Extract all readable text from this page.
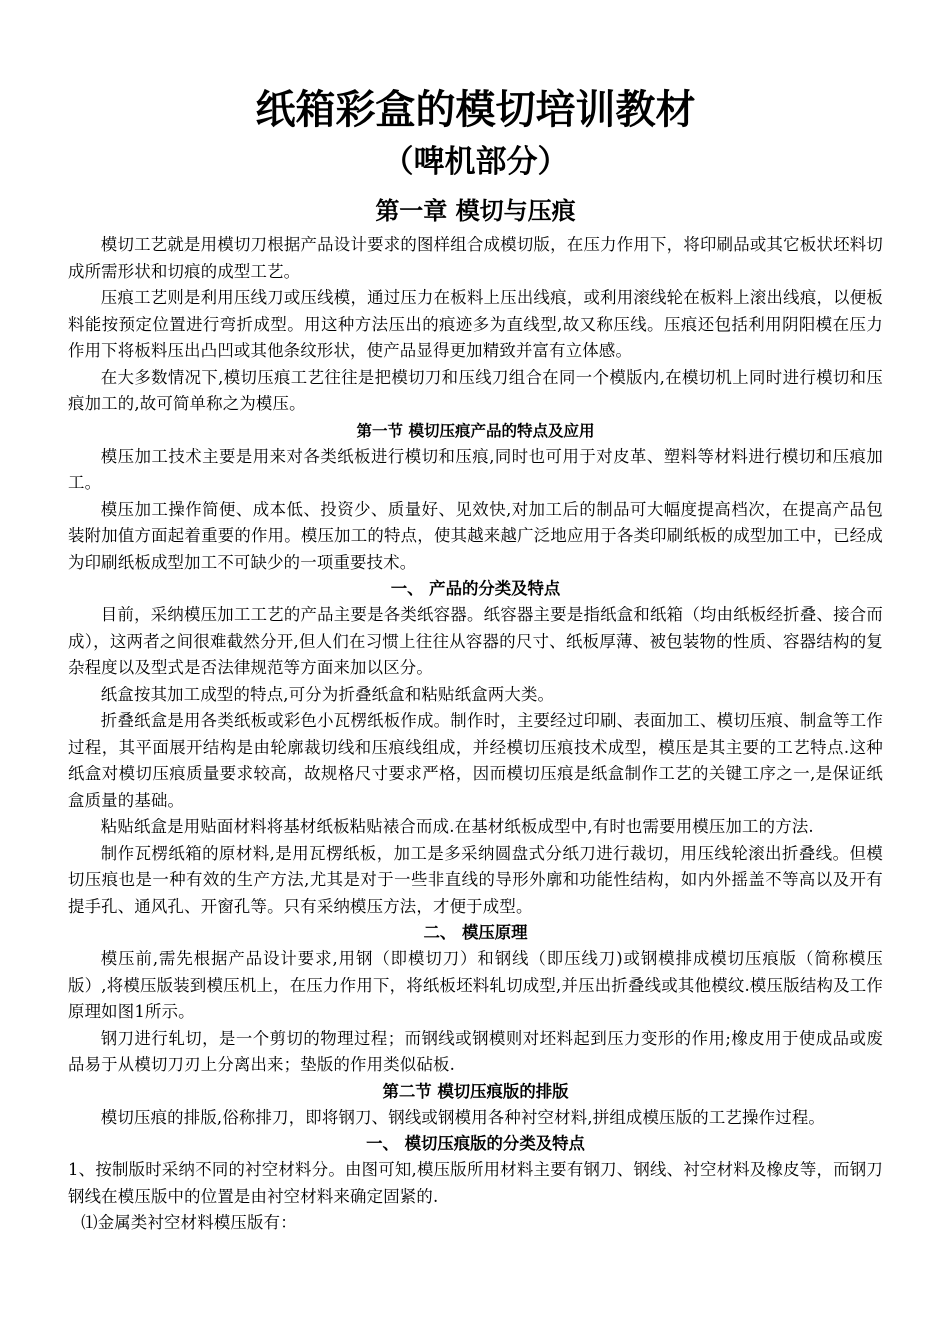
纸箱彩盒的模切培训教材
（啤机部分）
第一章 模切与压痕

模切工艺就是用模切刀根据产品设计要求的图样组合成模切版，在压力作用下，将印刷品或其它板状坯料切成所需形状和切痕的成型工艺。

压痕工艺则是利用压线刀或压线模，通过压力在板料上压出线痕，或利用滚线轮在板料上滚出线痕，以便板料能按预定位置进行弯折成型。用这种方法压出的痕迹多为直线型,故又称压线。压痕还包括利用阴阳模在压力作用下将板料压出凸凹或其他条纹形状，使产品显得更加精致并富有立体感。

在大多数情况下,模切压痕工艺往往是把模切刀和压线刀组合在同一个模版内,在模切机上同时进行模切和压痕加工的,故可简单称之为模压。

第一节 模切压痕产品的特点及应用

模压加工技术主要是用来对各类纸板进行模切和压痕,同时也可用于对皮革、塑料等材料进行模切和压痕加工。

模压加工操作简便、成本低、投资少、质量好、见效快,对加工后的制品可大幅度提高档次，在提高产品包装附加值方面起着重要的作用。模压加工的特点，使其越来越广泛地应用于各类印刷纸板的成型加工中，已经成为印刷纸板成型加工不可缺少的一项重要技术。

一、 产品的分类及特点

目前，采纳模压加工工艺的产品主要是各类纸容器。纸容器主要是指纸盒和纸箱（均由纸板经折叠、接合而成），这两者之间很难截然分开,但人们在习惯上往往从容器的尺寸、纸板厚薄、被包装物的性质、容器结构的复杂程度以及型式是否法律规范等方面来加以区分。

纸盒按其加工成型的特点,可分为折叠纸盒和粘贴纸盒两大类。

折叠纸盒是用各类纸板或彩色小瓦楞纸板作成。制作时，主要经过印刷、表面加工、模切压痕、制盒等工作过程，其平面展开结构是由轮廓裁切线和压痕线组成，并经模切压痕技术成型，模压是其主要的工艺特点.这种纸盒对模切压痕质量要求较高，故规格尺寸要求严格，因而模切压痕是纸盒制作工艺的关键工序之一,是保证纸盒质量的基础。

粘贴纸盒是用贴面材料将基材纸板粘贴裱合而成.在基材纸板成型中,有时也需要用模压加工的方法.

制作瓦楞纸箱的原材料,是用瓦楞纸板，加工是多采纳圆盘式分纸刀进行裁切，用压线轮滚出折叠线。但模切压痕也是一种有效的生产方法,尤其是对于一些非直线的导形外廓和功能性结构，如内外摇盖不等高以及开有提手孔、通风孔、开窗孔等。只有采纳模压方法，才便于成型。

二、 模压原理

模压前,需先根据产品设计要求,用钢（即模切刀）和钢线（即压线刀)或钢模排成模切压痕版（简称模压版）,将模压版装到模压机上，在压力作用下，将纸板坯料轧切成型,并压出折叠线或其他模纹.模压版结构及工作原理如图1所示。

钢刀进行轧切，是一个剪切的物理过程；而钢线或钢模则对坯料起到压力变形的作用;橡皮用于使成品或废品易于从模切刀刃上分离出来；垫版的作用类似砧板.

第二节 模切压痕版的排版

模切压痕的排版,俗称排刀，即将钢刀、钢线或钢模用各种衬空材料,拼组成模压版的工艺操作过程。

一、 模切压痕版的分类及特点

1、按制版时采纳不同的衬空材料分。由图可知,模压版所用材料主要有钢刀、钢线、衬空材料及橡皮等，而钢刀钢线在模压版中的位置是由衬空材料来确定固紧的.

⑴金属类衬空材料模压版有：
